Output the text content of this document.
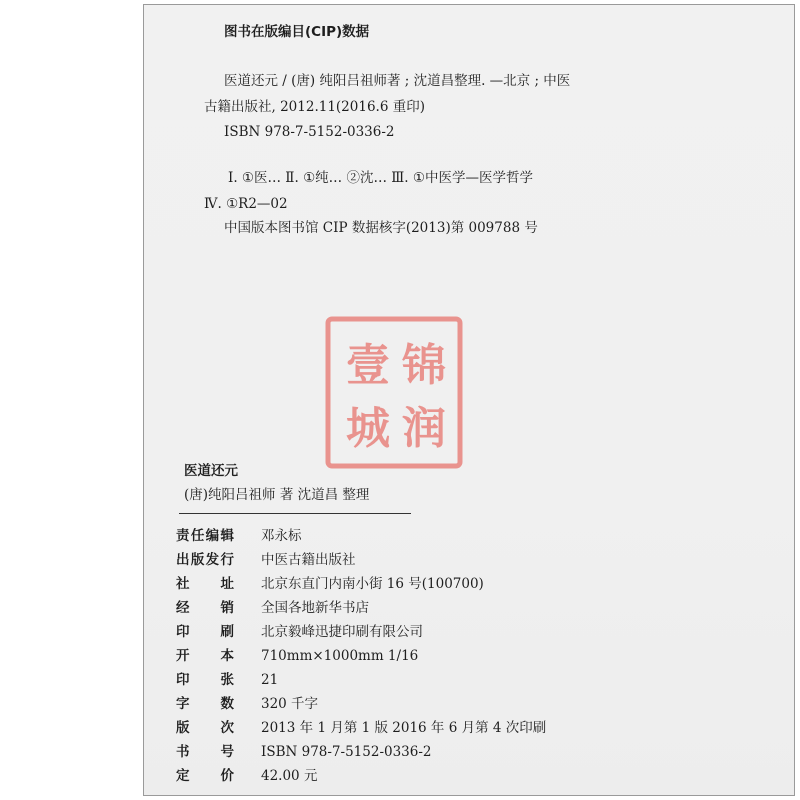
图书在版编目(CIP)数据
医道还元 / (唐) 纯阳吕祖师著 ; 沈道昌整理. —北京 ; 中医
古籍出版社, 2012.11(2016.6 重印)
ISBN 978-7-5152-0336-2
Ⅰ. ①医… Ⅱ. ①纯… ②沈… Ⅲ. ①中医学—医学哲学
Ⅳ. ①R2—02
中国版本图书馆 CIP 数据核字(2013)第 009788 号
壹 锦
城 润
医道还元
(唐)纯阳吕祖师 著 沈道昌 整理
责 任 编 辑 邓永标
出 版 发 行 中医古籍出版社
社 址 北京东直门内南小街 16 号(100700)
经 销 全国各地新华书店
印 刷 北京毅峰迅捷印刷有限公司
开 本 710mm×1000mm 1/16
印 张 21
字 数 320 千字
版 次 2013 年 1 月第 1 版 2016 年 6 月第 4 次印刷
书 号 ISBN 978-7-5152-0336-2
定 价 42.00 元
